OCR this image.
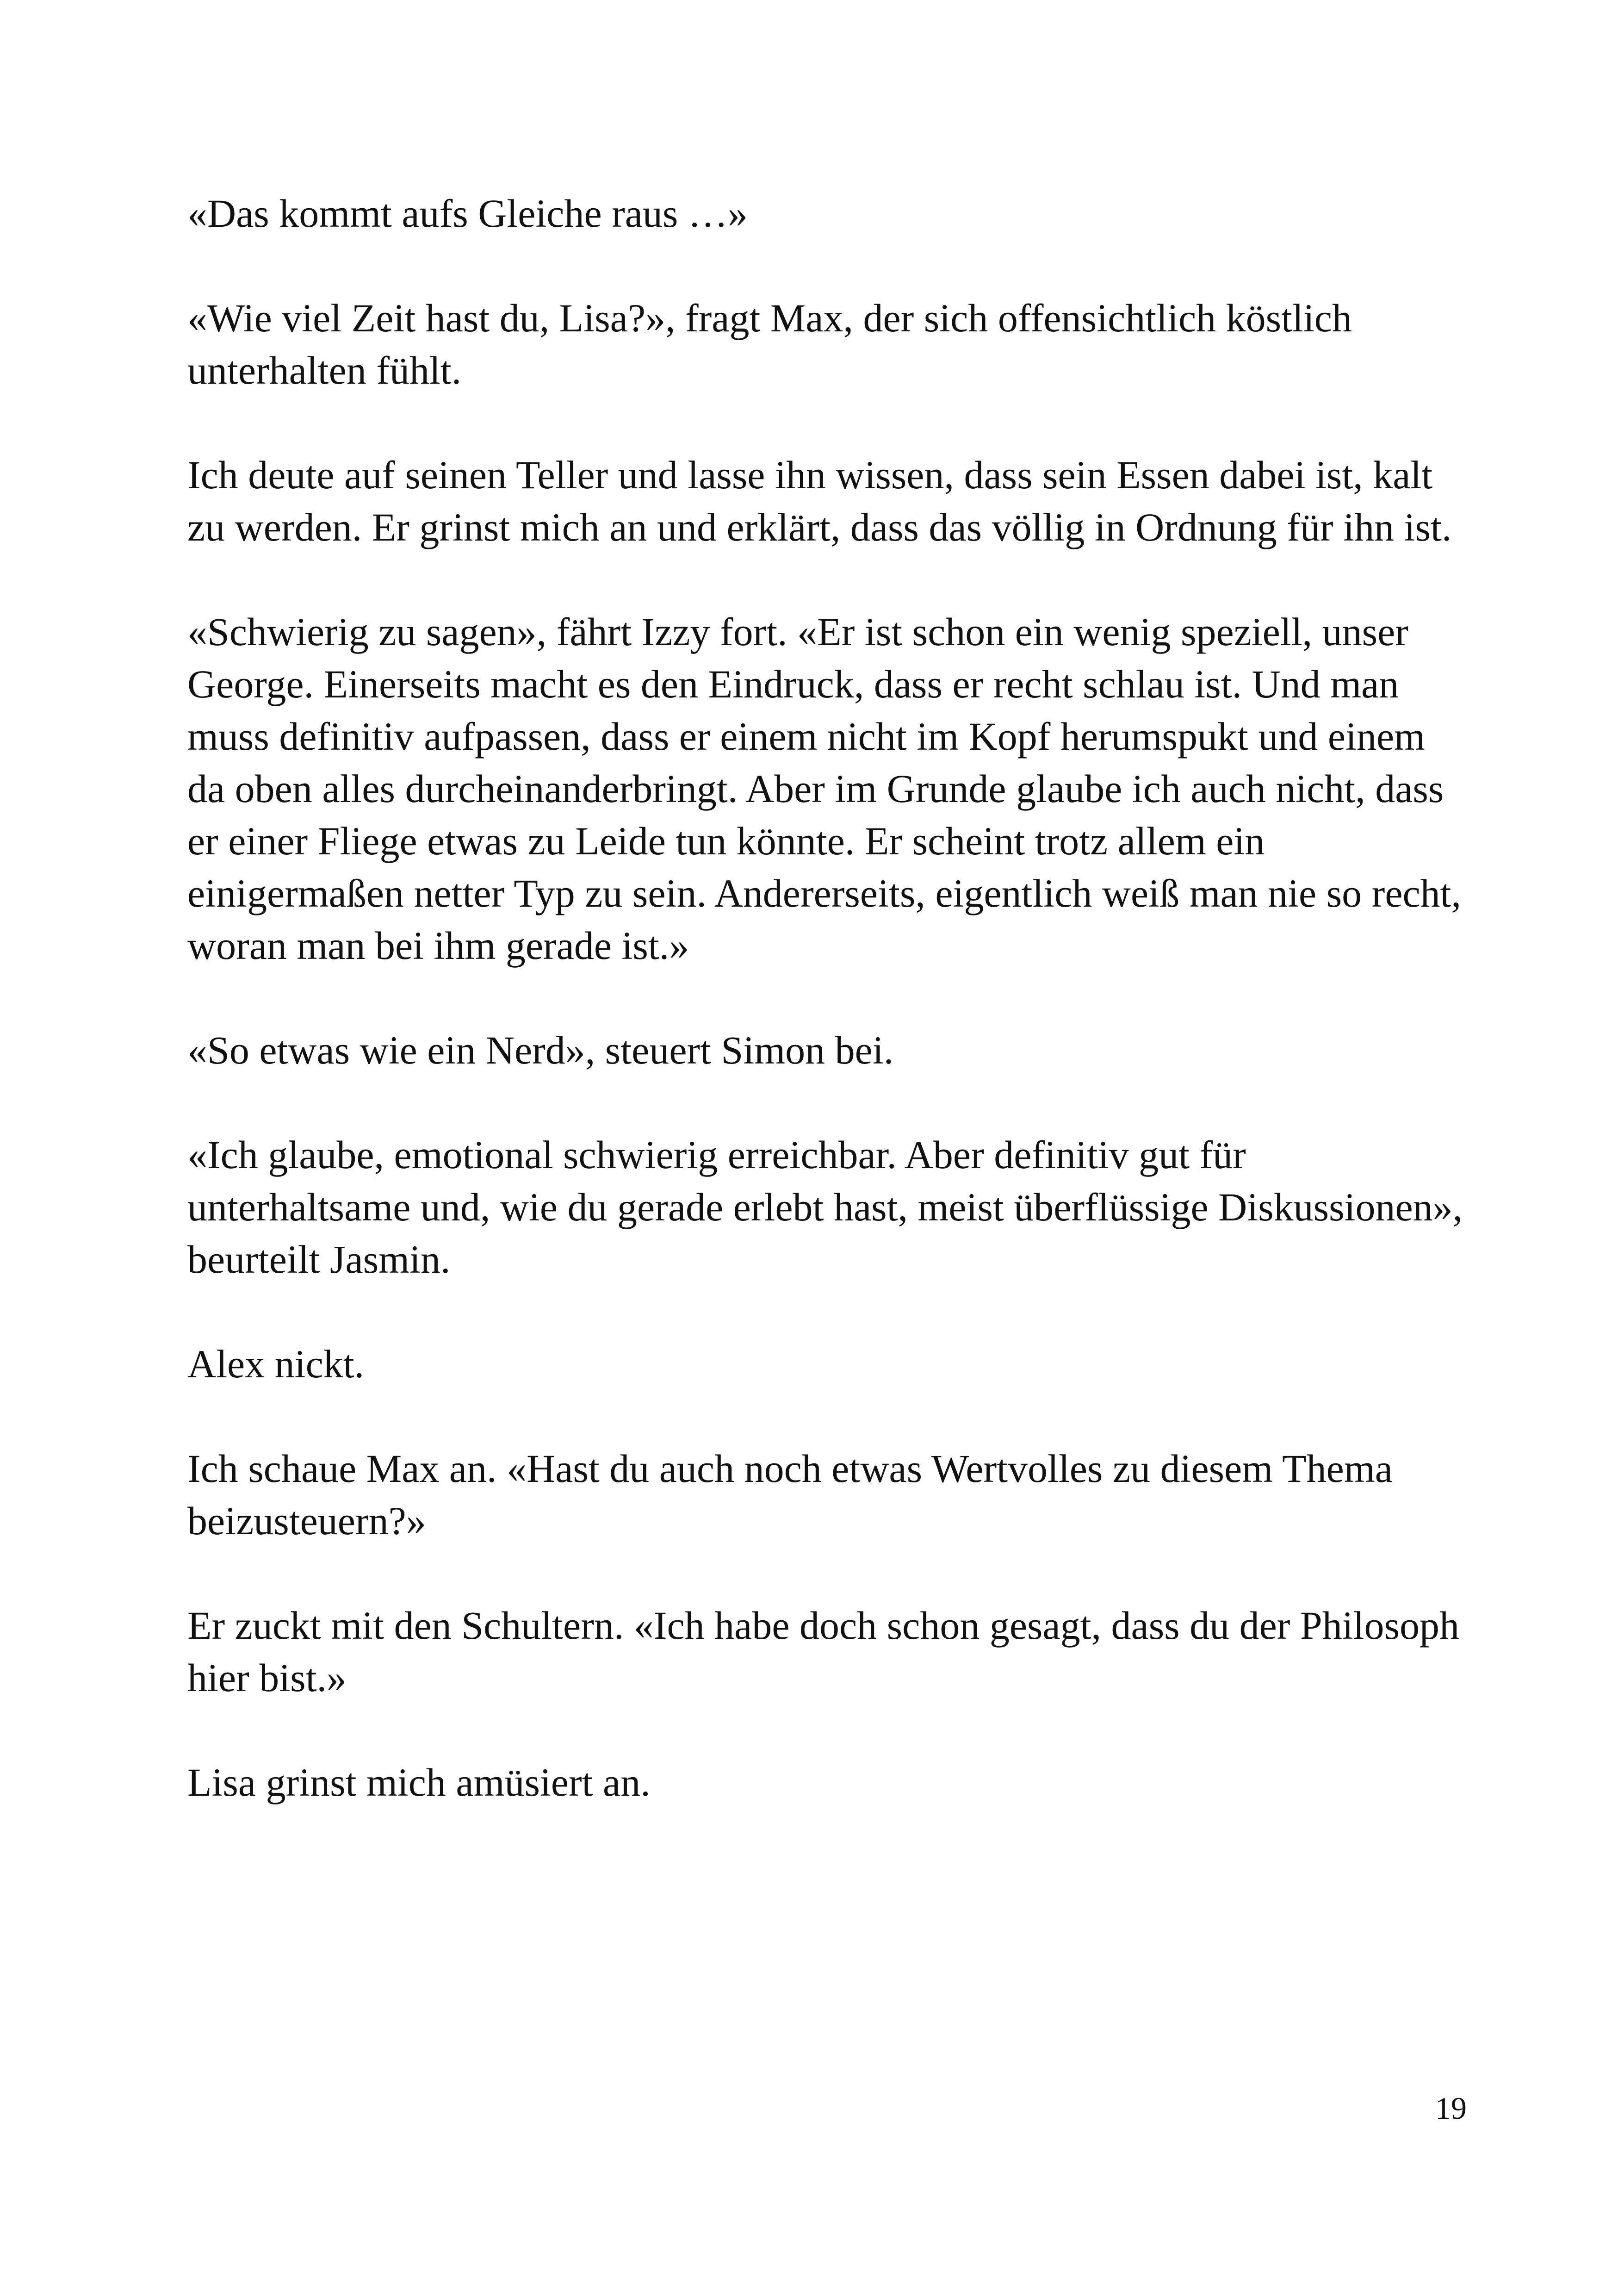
«Das kommt aufs Gleiche raus …»

«Wie viel Zeit hast du, Lisa?», fragt Max, der sich offensichtlich köstlich unterhalten fühlt.

Ich deute auf seinen Teller und lasse ihn wissen, dass sein Essen dabei ist, kalt zu werden. Er grinst mich an und erklärt, dass das völlig in Ordnung für ihn ist.

«Schwierig zu sagen», fährt Izzy fort. «Er ist schon ein wenig speziell, unser George. Einerseits macht es den Eindruck, dass er recht schlau ist. Und man muss definitiv aufpassen, dass er einem nicht im Kopf herumspukt und einem da oben alles durcheinanderbringt. Aber im Grunde glaube ich auch nicht, dass er einer Fliege etwas zu Leide tun könnte. Er scheint trotz allem ein einigermaßen netter Typ zu sein. Andererseits, eigentlich weiß man nie so recht, woran man bei ihm gerade ist.»

«So etwas wie ein Nerd», steuert Simon bei.

«Ich glaube, emotional schwierig erreichbar. Aber definitiv gut für unterhaltsame und, wie du gerade erlebt hast, meist überflüssige Diskussionen», beurteilt Jasmin.

Alex nickt.

Ich schaue Max an. «Hast du auch noch etwas Wertvolles zu diesem Thema beizusteuern?»

Er zuckt mit den Schultern. «Ich habe doch schon gesagt, dass du der Philosoph hier bist.»

Lisa grinst mich amüsiert an.

19
